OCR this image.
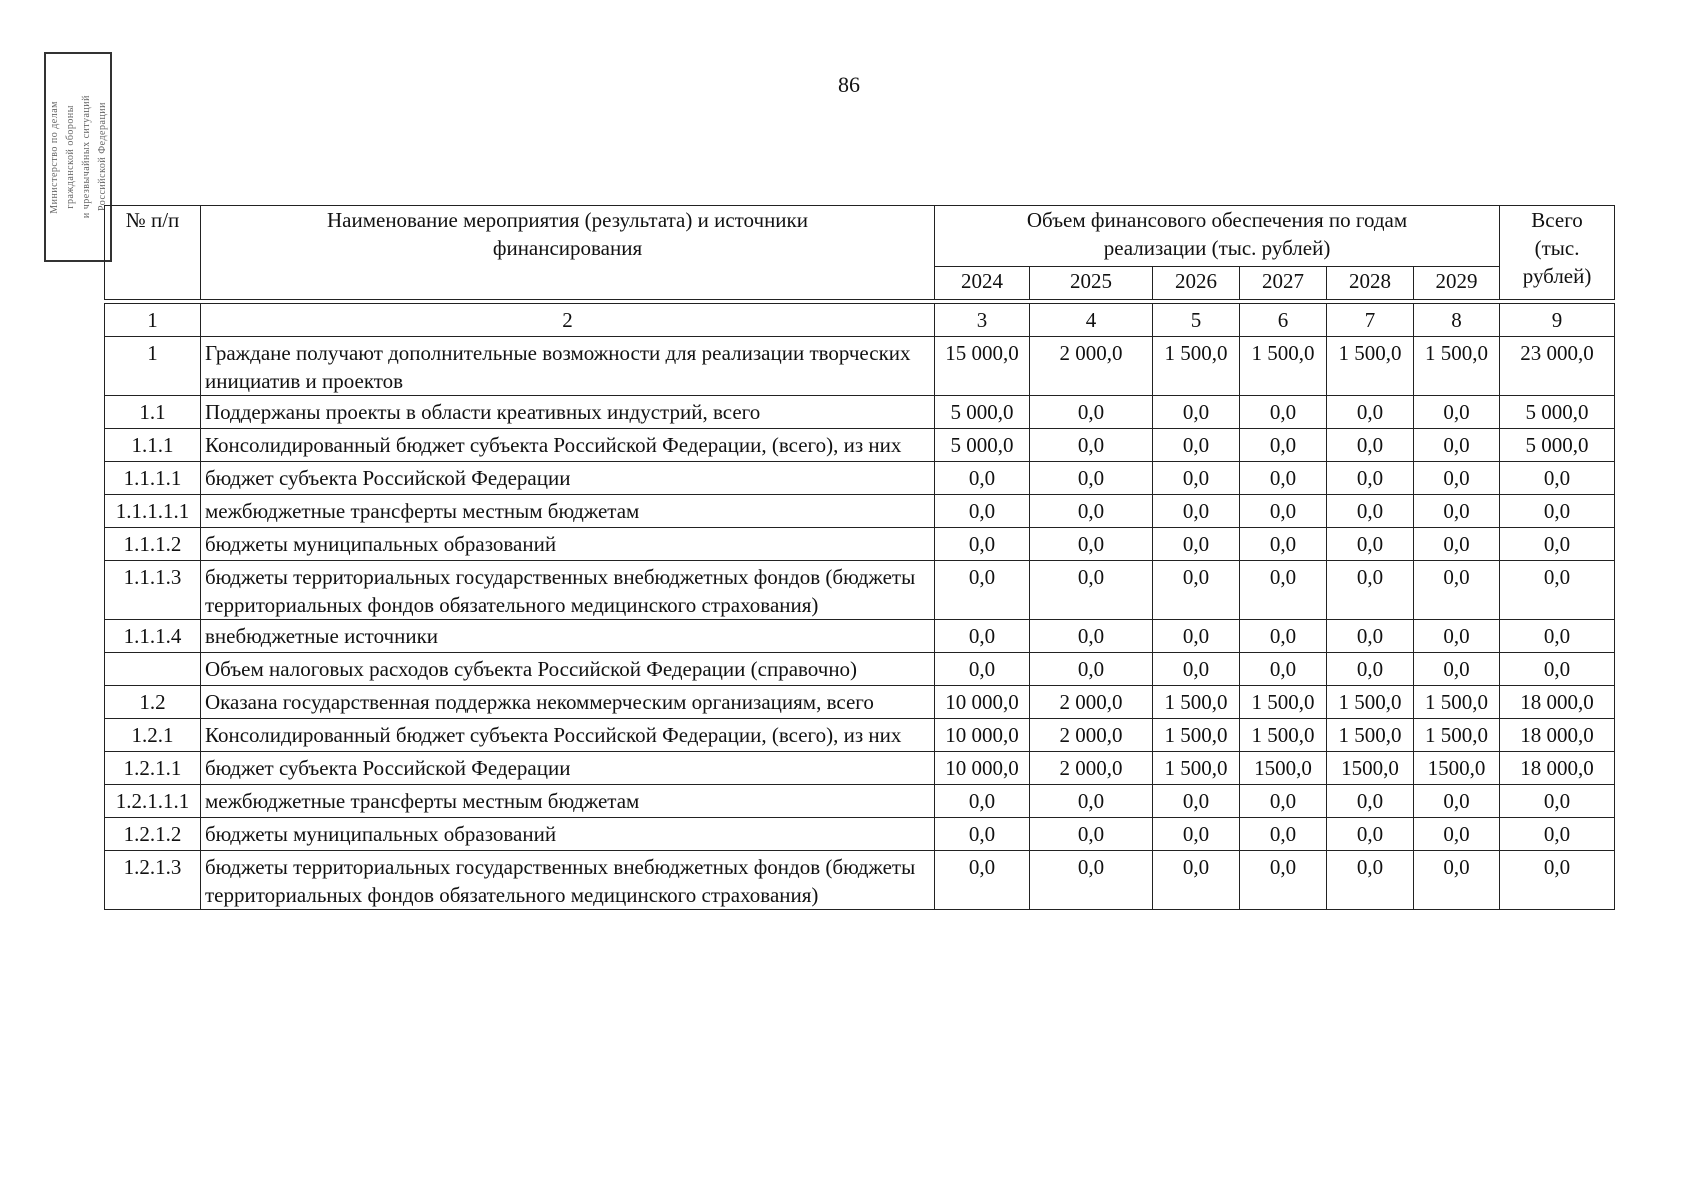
86
Министерство по делам гражданской обороны и чрезвычайных ситуаций Российской Федерации
№ п/п	Наименование мероприятия (результата) и источники финансирования	Объем финансового обеспечения по годам реализации (тыс. рублей)						Всего (тыс. рублей)
		2024	2025	2026	2027	2028	2029	
1	2	3	4	5	6	7	8	9
1	Граждане получают дополнительные возможности для реализации творческих инициатив и проектов	15 000,0	2 000,0	1 500,0	1 500,0	1 500,0	1 500,0	23 000,0
1.1	Поддержаны проекты в области креативных индустрий, всего	5 000,0	0,0	0,0	0,0	0,0	0,0	5 000,0
1.1.1	Консолидированный бюджет субъекта Российской Федерации, (всего), из них	5 000,0	0,0	0,0	0,0	0,0	0,0	5 000,0
1.1.1.1	бюджет субъекта Российской Федерации	0,0	0,0	0,0	0,0	0,0	0,0	0,0
1.1.1.1.1	межбюджетные трансферты местным бюджетам	0,0	0,0	0,0	0,0	0,0	0,0	0,0
1.1.1.2	бюджеты муниципальных образований	0,0	0,0	0,0	0,0	0,0	0,0	0,0
1.1.1.3	бюджеты территориальных государственных внебюджетных фондов (бюджеты территориальных фондов обязательного медицинского страхования)	0,0	0,0	0,0	0,0	0,0	0,0	0,0
1.1.1.4	внебюджетные источники	0,0	0,0	0,0	0,0	0,0	0,0	0,0
	Объем налоговых расходов субъекта Российской Федерации (справочно)	0,0	0,0	0,0	0,0	0,0	0,0	0,0
1.2	Оказана государственная поддержка некоммерческим организациям, всего	10 000,0	2 000,0	1 500,0	1 500,0	1 500,0	1 500,0	18 000,0
1.2.1	Консолидированный бюджет субъекта Российской Федерации, (всего), из них	10 000,0	2 000,0	1 500,0	1 500,0	1 500,0	1 500,0	18 000,0
1.2.1.1	бюджет субъекта Российской Федерации	10 000,0	2 000,0	1 500,0	1500,0	1500,0	1500,0	18 000,0
1.2.1.1.1	межбюджетные трансферты местным бюджетам	0,0	0,0	0,0	0,0	0,0	0,0	0,0
1.2.1.2	бюджеты муниципальных образований	0,0	0,0	0,0	0,0	0,0	0,0	0,0
1.2.1.3	бюджеты территориальных государственных внебюджетных фондов (бюджеты территориальных фондов обязательного медицинского страхования)	0,0	0,0	0,0	0,0	0,0	0,0	0,0
